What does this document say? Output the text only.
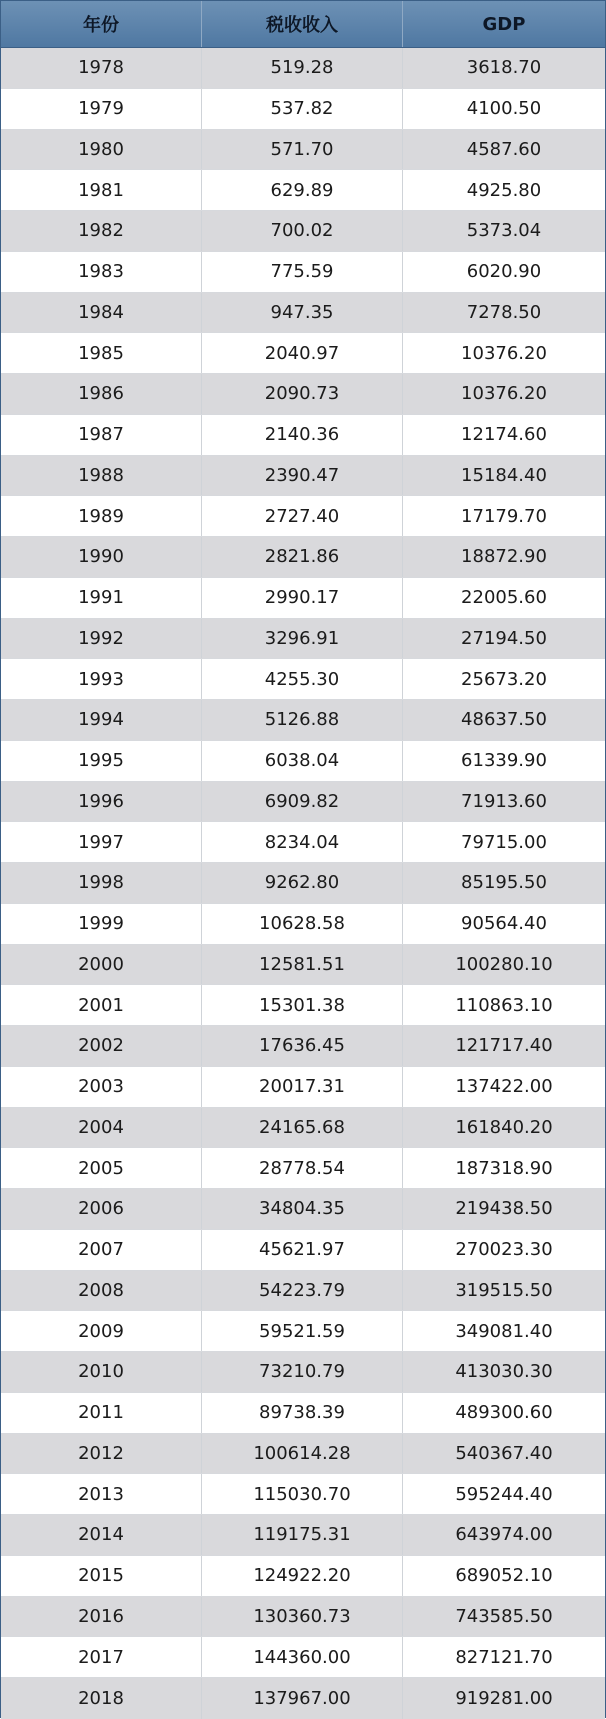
年份	税收收入	GDP
1978	519.28	3618.70
1979	537.82	4100.50
1980	571.70	4587.60
1981	629.89	4925.80
1982	700.02	5373.04
1983	775.59	6020.90
1984	947.35	7278.50
1985	2040.97	10376.20
1986	2090.73	10376.20
1987	2140.36	12174.60
1988	2390.47	15184.40
1989	2727.40	17179.70
1990	2821.86	18872.90
1991	2990.17	22005.60
1992	3296.91	27194.50
1993	4255.30	25673.20
1994	5126.88	48637.50
1995	6038.04	61339.90
1996	6909.82	71913.60
1997	8234.04	79715.00
1998	9262.80	85195.50
1999	10628.58	90564.40
2000	12581.51	100280.10
2001	15301.38	110863.10
2002	17636.45	121717.40
2003	20017.31	137422.00
2004	24165.68	161840.20
2005	28778.54	187318.90
2006	34804.35	219438.50
2007	45621.97	270023.30
2008	54223.79	319515.50
2009	59521.59	349081.40
2010	73210.79	413030.30
2011	89738.39	489300.60
2012	100614.28	540367.40
2013	115030.70	595244.40
2014	119175.31	643974.00
2015	124922.20	689052.10
2016	130360.73	743585.50
2017	144360.00	827121.70
2018	137967.00	919281.00
